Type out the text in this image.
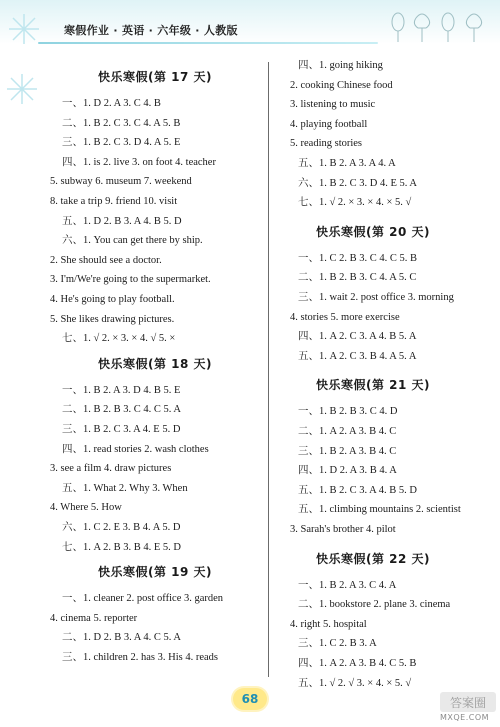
寒假作业 · 英语 · 六年级 · 人教版
快乐寒假(第 17 天)
一、1. D 2. A 3. C 4. B
二、1. B 2. C 3. C 4. A 5. B
三、1. B 2. C 3. D 4. A 5. E
四、1. is 2. live 3. on foot 4. teacher
5. subway 6. museum 7. weekend
8. take a trip 9. friend 10. visit
五、1. D 2. B 3. A 4. B 5. D
六、1. You can get there by ship.
2. She should see a doctor.
3. I'm/We're going to the supermarket.
4. He's going to play football.
5. She likes drawing pictures.
七、1. √ 2. × 3. × 4. √ 5. ×
快乐寒假(第 18 天)
一、1. B 2. A 3. D 4. B 5. E
二、1. B 2. B 3. C 4. C 5. A
三、1. B 2. C 3. A 4. E 5. D
四、1. read stories 2. wash clothes
3. see a film 4. draw pictures
五、1. What 2. Why 3. When
4. Where 5. How
六、1. C 2. E 3. B 4. A 5. D
七、1. A 2. B 3. B 4. E 5. D
快乐寒假(第 19 天)
一、1. cleaner 2. post office 3. garden
4. cinema 5. reporter
二、1. D 2. B 3. A 4. C 5. A
三、1. children 2. has 3. His 4. reads
四、1. going hiking
2. cooking Chinese food
3. listening to music
4. playing football
5. reading stories
五、1. B 2. A 3. A 4. A
六、1. B 2. C 3. D 4. E 5. A
七、1. √ 2. × 3. × 4. × 5. √
快乐寒假(第 20 天)
一、1. C 2. B 3. C 4. C 5. B
二、1. B 2. B 3. C 4. A 5. C
三、1. wait 2. post office 3. morning
4. stories 5. more exercise
四、1. A 2. C 3. A 4. B 5. A
五、1. A 2. C 3. B 4. A 5. A
快乐寒假(第 21 天)
一、1. B 2. B 3. C 4. D
二、1. A 2. A 3. B 4. C
三、1. B 2. A 3. B 4. C
四、1. D 2. A 3. B 4. A
五、1. B 2. C 3. A 4. B 5. D
五、1. climbing mountains 2. scientist
3. Sarah's brother 4. pilot
快乐寒假(第 22 天)
一、1. B 2. A 3. C 4. A
二、1. bookstore 2. plane 3. cinema
4. right 5. hospital
三、1. C 2. B 3. A
四、1. A 2. A 3. B 4. C 5. B
五、1. √ 2. √ 3. × 4. × 5. √
68	答案圈
MXQE.COM
